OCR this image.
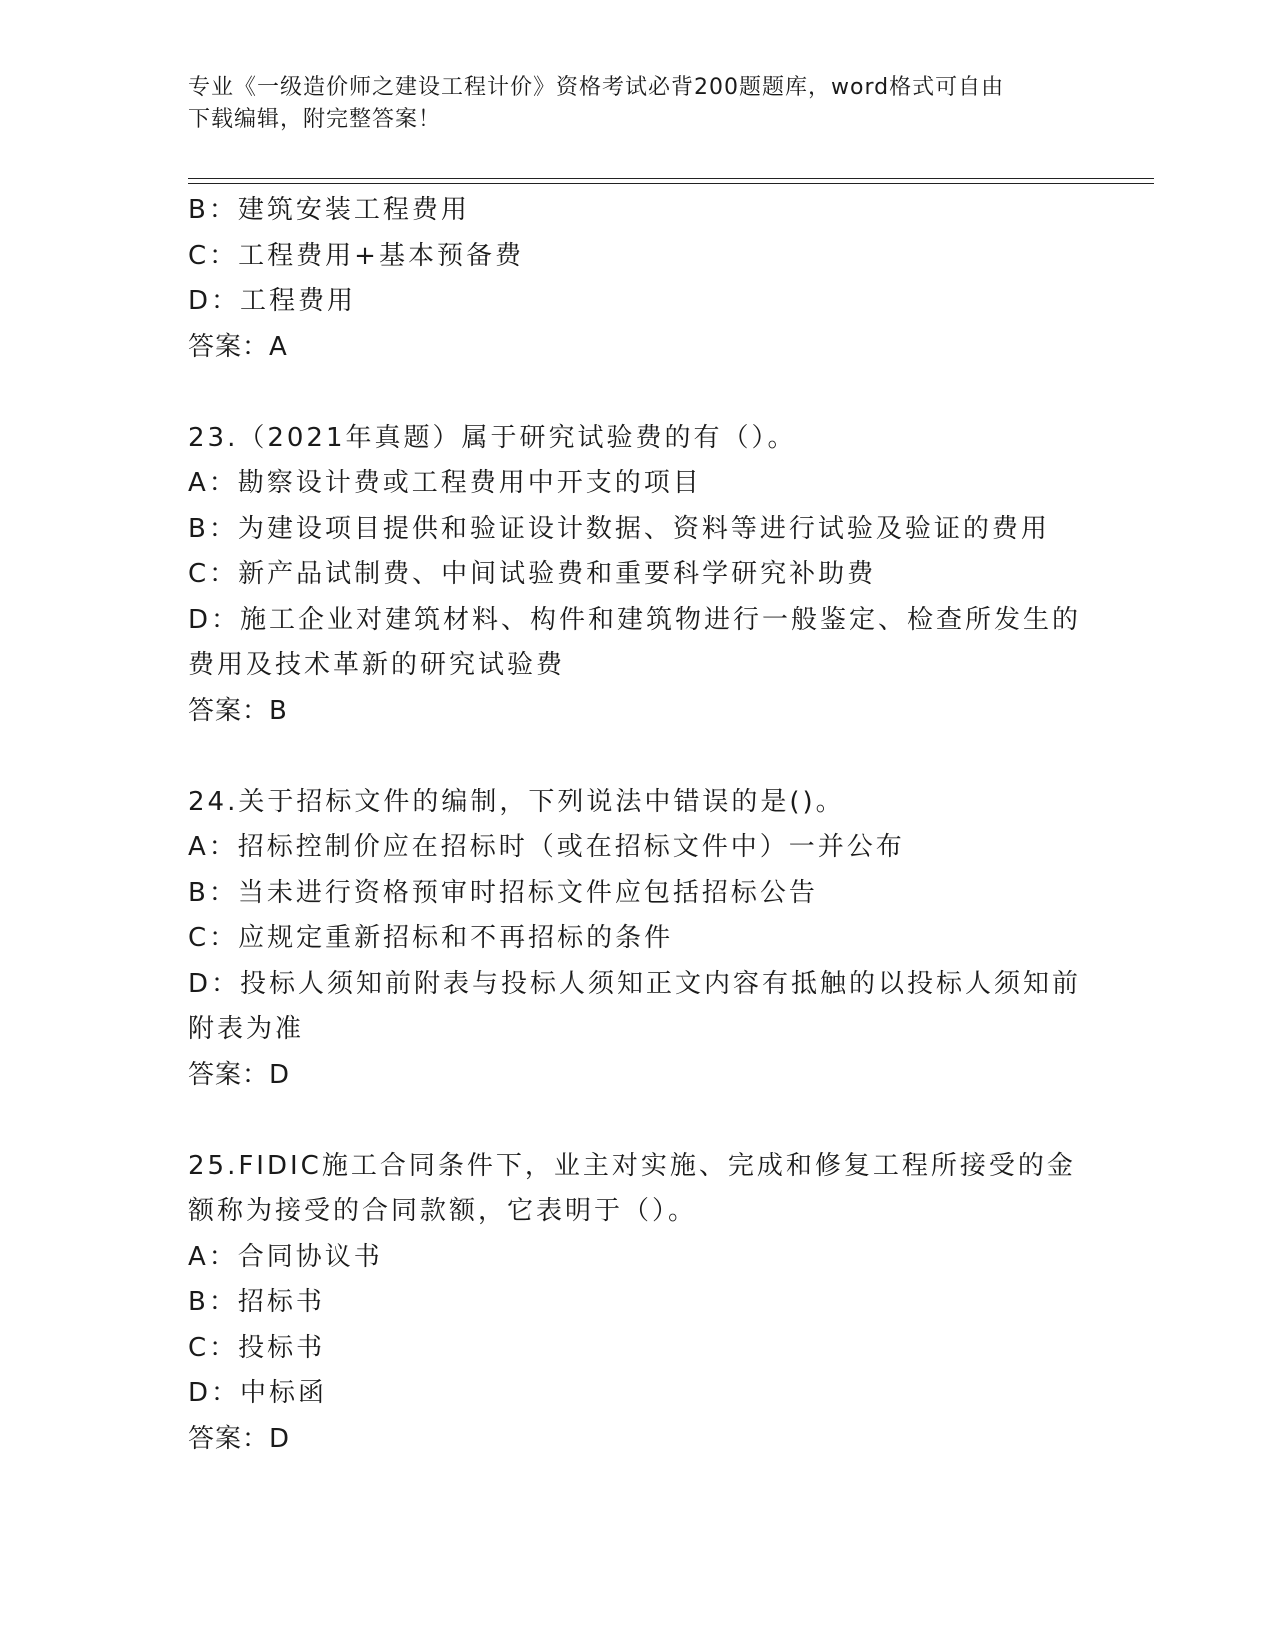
专业《一级造价师之建设工程计价》资格考试必背200题题库，word格式可自由
下载编辑，附完整答案！
B：建筑安装工程费用
C：工程费用+基本预备费
D：工程费用
答案：A
23.（2021年真题）属于研究试验费的有（）。
A：勘察设计费或工程费用中开支的项目
B：为建设项目提供和验证设计数据、资料等进行试验及验证的费用
C：新产品试制费、中间试验费和重要科学研究补助费
D：施工企业对建筑材料、构件和建筑物进行一般鉴定、检查所发生的
费用及技术革新的研究试验费
答案：B
24.关于招标文件的编制，下列说法中错误的是()。
A：招标控制价应在招标时（或在招标文件中）一并公布
B：当未进行资格预审时招标文件应包括招标公告
C：应规定重新招标和不再招标的条件
D：投标人须知前附表与投标人须知正文内容有抵触的以投标人须知前
附表为准
答案：D
25.FIDIC施工合同条件下，业主对实施、完成和修复工程所接受的金
额称为接受的合同款额，它表明于（）。
A：合同协议书
B：招标书
C：投标书
D：中标函
答案：D
